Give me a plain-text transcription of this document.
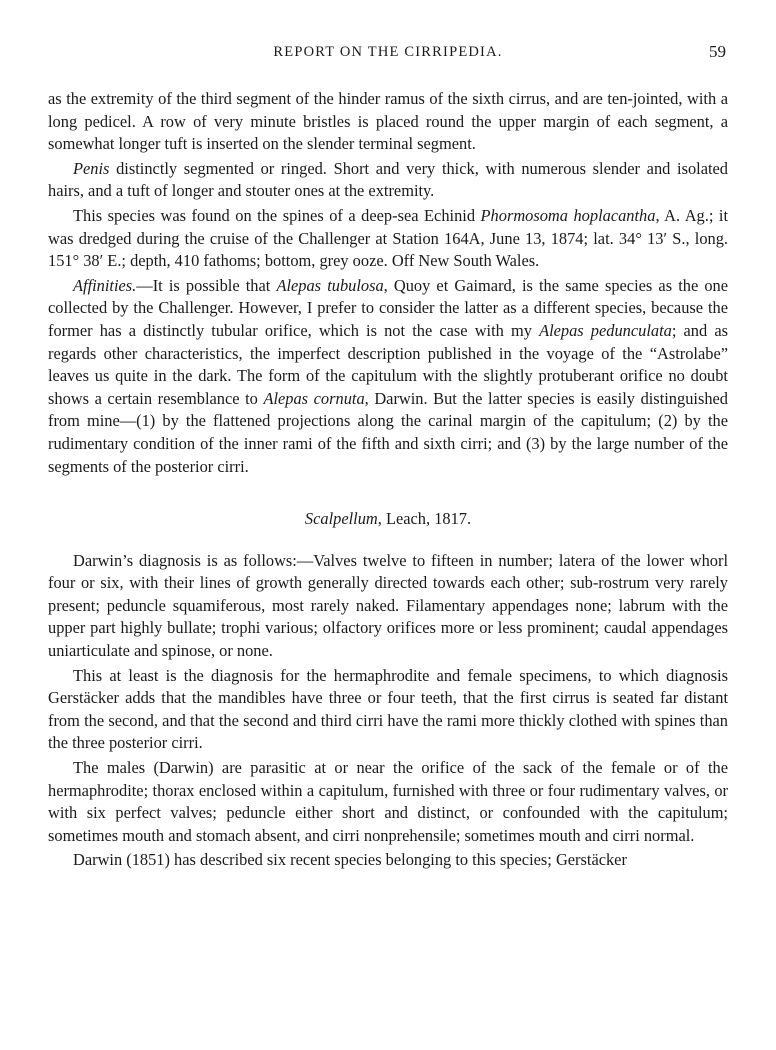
REPORT ON THE CIRRIPEDIA.	59

as the extremity of the third segment of the hinder ramus of the sixth cirrus, and are ten-jointed, with a long pedicel. A row of very minute bristles is placed round the upper margin of each segment, a somewhat longer tuft is inserted on the slender terminal segment.

Penis distinctly segmented or ringed. Short and very thick, with numerous slender and isolated hairs, and a tuft of longer and stouter ones at the extremity.

This species was found on the spines of a deep-sea Echinid Phormosoma hoplacantha, A. Ag.; it was dredged during the cruise of the Challenger at Station 164A, June 13, 1874; lat. 34° 13′ S., long. 151° 38′ E.; depth, 410 fathoms; bottom, grey ooze. Off New South Wales.

Affinities.—It is possible that Alepas tubulosa, Quoy et Gaimard, is the same species as the one collected by the Challenger. However, I prefer to consider the latter as a different species, because the former has a distinctly tubular orifice, which is not the case with my Alepas pedunculata; and as regards other characteristics, the imperfect description published in the voyage of the “Astrolabe” leaves us quite in the dark. The form of the capitulum with the slightly protuberant orifice no doubt shows a certain resemblance to Alepas cornuta, Darwin. But the latter species is easily distinguished from mine—(1) by the flattened projections along the carinal margin of the capitulum; (2) by the rudimentary condition of the inner rami of the fifth and sixth cirri; and (3) by the large number of the segments of the posterior cirri.

Scalpellum, Leach, 1817.

Darwin’s diagnosis is as follows:—Valves twelve to fifteen in number; latera of the lower whorl four or six, with their lines of growth generally directed towards each other; sub-rostrum very rarely present; peduncle squamiferous, most rarely naked. Filamentary appendages none; labrum with the upper part highly bullate; trophi various; olfactory orifices more or less prominent; caudal appendages uniarticulate and spinose, or none.

This at least is the diagnosis for the hermaphrodite and female specimens, to which diagnosis Gerstäcker adds that the mandibles have three or four teeth, that the first cirrus is seated far distant from the second, and that the second and third cirri have the rami more thickly clothed with spines than the three posterior cirri.

The males (Darwin) are parasitic at or near the orifice of the sack of the female or of the hermaphrodite; thorax enclosed within a capitulum, furnished with three or four rudimentary valves, or with six perfect valves; peduncle either short and distinct, or confounded with the capitulum; sometimes mouth and stomach absent, and cirri nonprehensile; sometimes mouth and cirri normal.

Darwin (1851) has described six recent species belonging to this species; Gerstäcker
